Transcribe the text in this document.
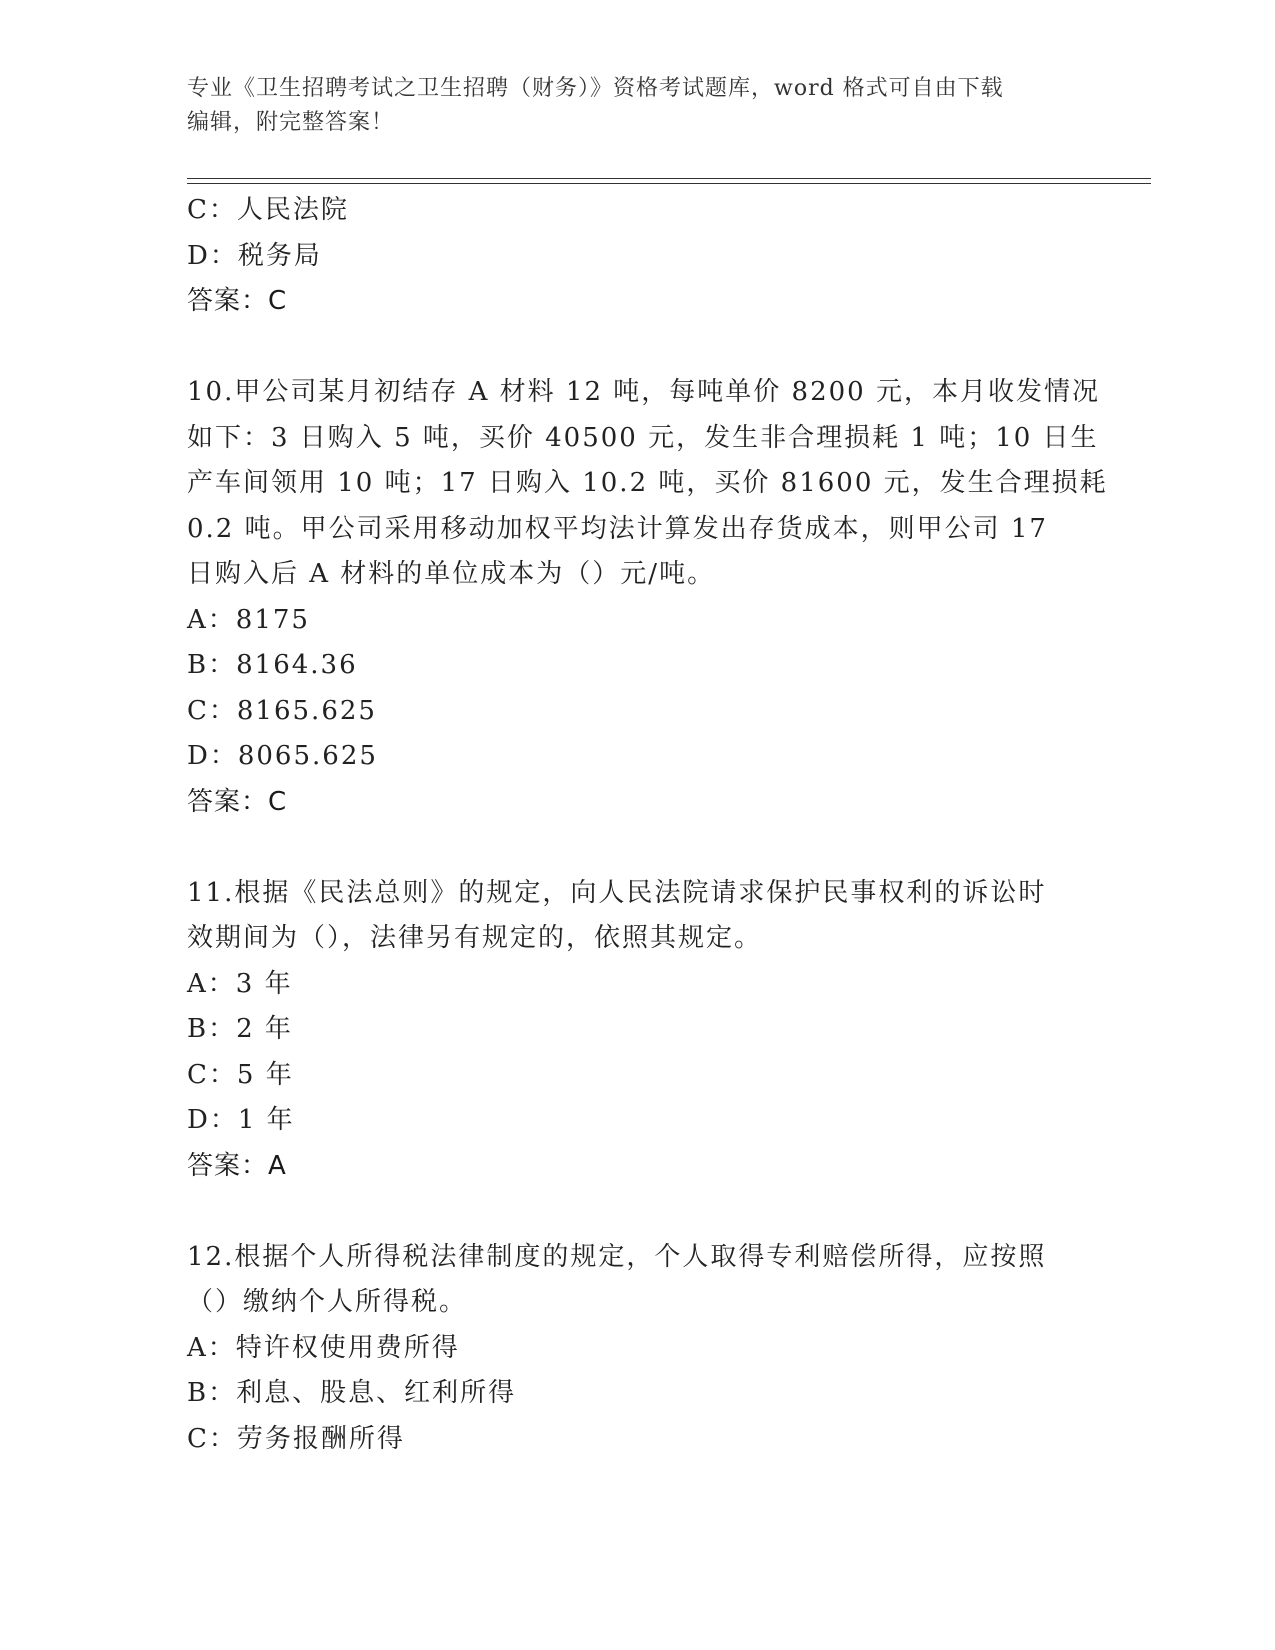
专业《卫生招聘考试之卫生招聘（财务）》资格考试题库，word 格式可自由下载
编辑，附完整答案！
C：人民法院
D：税务局
答案：C
10.甲公司某月初结存 A 材料 12 吨，每吨单价 8200 元，本月收发情况
如下：3 日购入 5 吨，买价 40500 元，发生非合理损耗 1 吨；10 日生
产车间领用 10 吨；17 日购入 10.2 吨，买价 81600 元，发生合理损耗
0.2 吨。甲公司采用移动加权平均法计算发出存货成本，则甲公司 17
日购入后 A 材料的单位成本为（）元/吨。
A：8175
B：8164.36
C：8165.625
D：8065.625
答案：C
11.根据《民法总则》的规定，向人民法院请求保护民事权利的诉讼时
效期间为（），法律另有规定的，依照其规定。
A：3 年
B：2 年
C：5 年
D：1 年
答案：A
12.根据个人所得税法律制度的规定，个人取得专利赔偿所得，应按照
（）缴纳个人所得税。
A：特许权使用费所得
B：利息、股息、红利所得
C：劳务报酬所得
